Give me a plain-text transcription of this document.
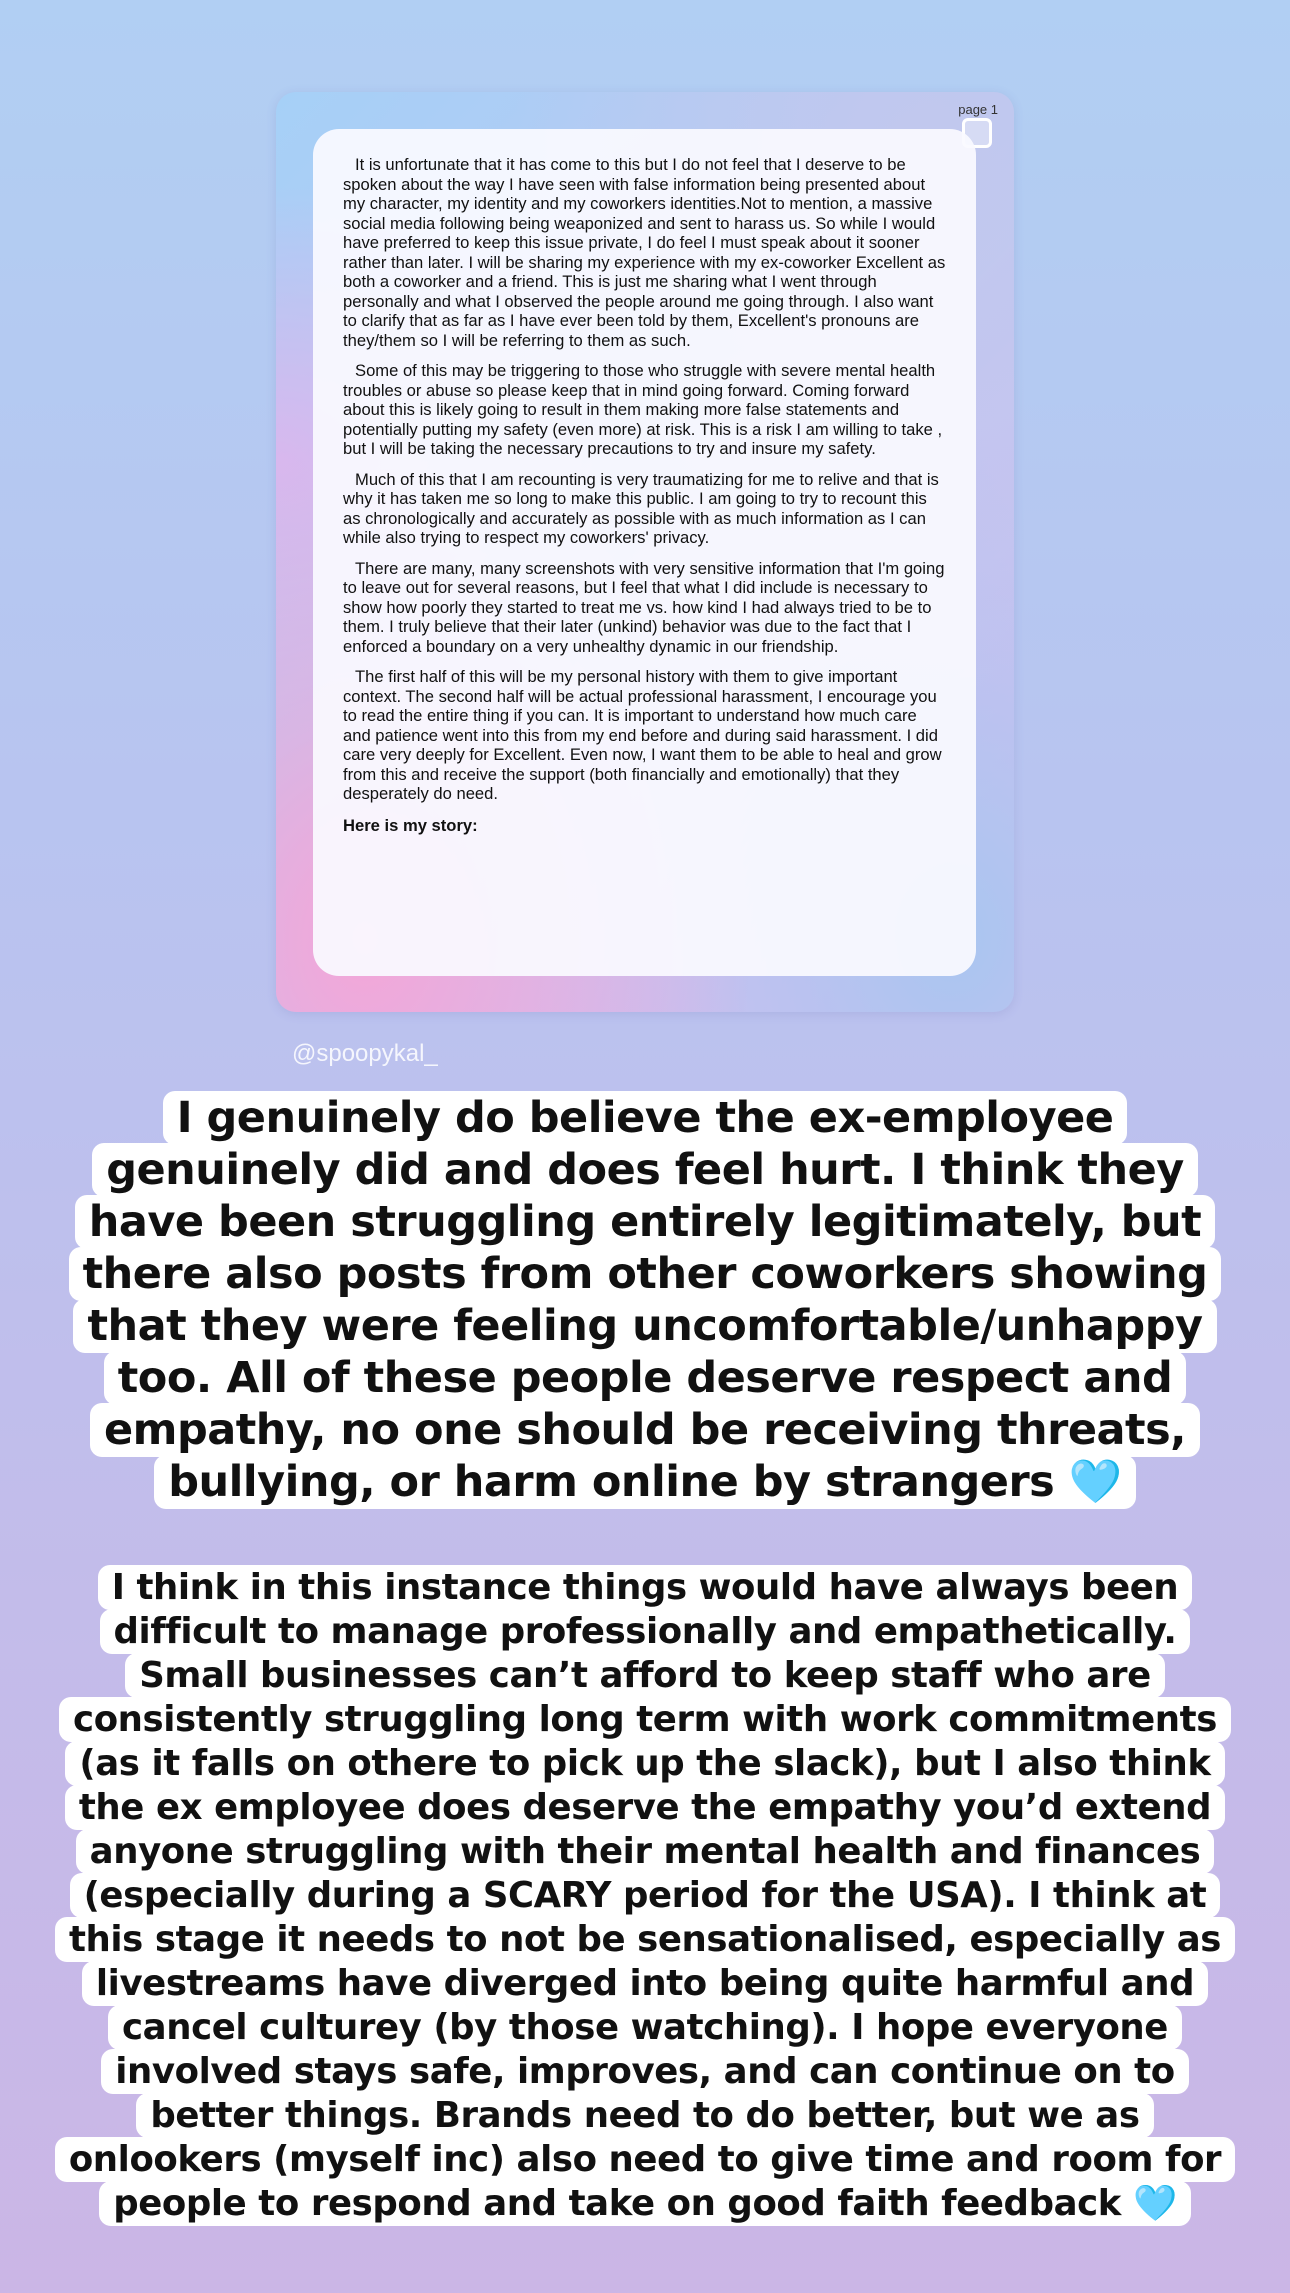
page 1

It is unfortunate that it has come to this but I do not feel that I deserve to be spoken about the way I have seen with false information being presented about my character, my identity and my coworkers identities.Not to mention, a massive social media following being weaponized and sent to harass us. So while I would have preferred to keep this issue private, I do feel I must speak about it sooner rather than later. I will be sharing my experience with my ex-coworker Excellent as both a coworker and a friend. This is just me sharing what I went through personally and what I observed the people around me going through. I also want to clarify that as far as I have ever been told by them, Excellent's pronouns are they/them so I will be referring to them as such.

Some of this may be triggering to those who struggle with severe mental health troubles or abuse so please keep that in mind going forward. Coming forward about this is likely going to result in them making more false statements and potentially putting my safety (even more) at risk. This is a risk I am willing to take , but I will be taking the necessary precautions to try and insure my safety.

Much of this that I am recounting is very traumatizing for me to relive and that is why it has taken me so long to make this public. I am going to try to recount this as chronologically and accurately as possible with as much information as I can while also trying to respect my coworkers' privacy.

There are many, many screenshots with very sensitive information that I'm going to leave out for several reasons, but I feel that what I did include is necessary to show how poorly they started to treat me vs. how kind I had always tried to be to them. I truly believe that their later (unkind) behavior was due to the fact that I enforced a boundary on a very unhealthy dynamic in our friendship.

The first half of this will be my personal history with them to give important context. The second half will be actual professional harassment, I encourage you to read the entire thing if you can. It is important to understand how much care and patience went into this from my end before and during said harassment. I did care very deeply for Excellent. Even now, I want them to be able to heal and grow from this and receive the support (both financially and emotionally) that they desperately do need.

Here is my story:

@spoopykal_
I genuinely do believe the ex-employee genuinely did and does feel hurt. I think they have been struggling entirely legitimately, but there also posts from other coworkers showing that they were feeling uncomfortable/unhappy too. All of these people deserve respect and empathy, no one should be receiving threats, bullying, or harm online by strangers 🩵
I think in this instance things would have always been difficult to manage professionally and empathetically. Small businesses can’t afford to keep staff who are consistently struggling long term with work commitments (as it falls on othere to pick up the slack), but I also think the ex employee does deserve the empathy you’d extend anyone struggling with their mental health and finances (especially during a SCARY period for the USA). I think at this stage it needs to not be sensationalised, especially as livestreams have diverged into being quite harmful and cancel culturey (by those watching). I hope everyone involved stays safe, improves, and can continue on to better things. Brands need to do better, but we as onlookers (myself inc) also need to give time and room for people to respond and take on good faith feedback 🩵
